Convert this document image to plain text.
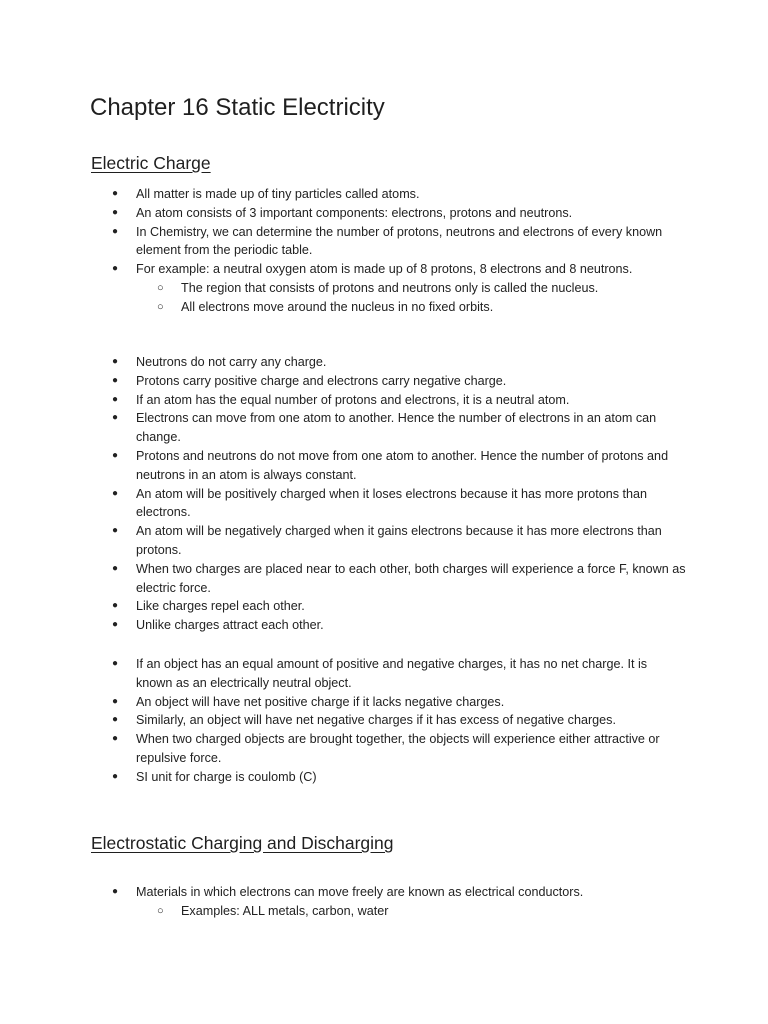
Chapter 16 Static Electricity
Electric Charge
● All matter is made up of tiny particles called atoms.
● An atom consists of 3 important components: electrons, protons and neutrons.
● In Chemistry, we can determine the number of protons, neutrons and electrons of every known element from the periodic table.
● For example: a neutral oxygen atom is made up of 8 protons, 8 electrons and 8 neutrons.
○ The region that consists of protons and neutrons only is called the nucleus.
○ All electrons move around the nucleus in no fixed orbits.
● Neutrons do not carry any charge.
● Protons carry positive charge and electrons carry negative charge.
● If an atom has the equal number of protons and electrons, it is a neutral atom.
● Electrons can move from one atom to another. Hence the number of electrons in an atom can change.
● Protons and neutrons do not move from one atom to another. Hence the number of protons and neutrons in an atom is always constant.
● An atom will be positively charged when it loses electrons because it has more protons than electrons.
● An atom will be negatively charged when it gains electrons because it has more electrons than protons.
● When two charges are placed near to each other, both charges will experience a force F, known as electric force.
● Like charges repel each other.
● Unlike charges attract each other.
● If an object has an equal amount of positive and negative charges, it has no net charge. It is known as an electrically neutral object.
● An object will have net positive charge if it lacks negative charges.
● Similarly, an object will have net negative charges if it has excess of negative charges.
● When two charged objects are brought together, the objects will experience either attractive or repulsive force.
● SI unit for charge is coulomb (C)
Electrostatic Charging and Discharging
● Materials in which electrons can move freely are known as electrical conductors.
○ Examples: ALL metals, carbon, water
